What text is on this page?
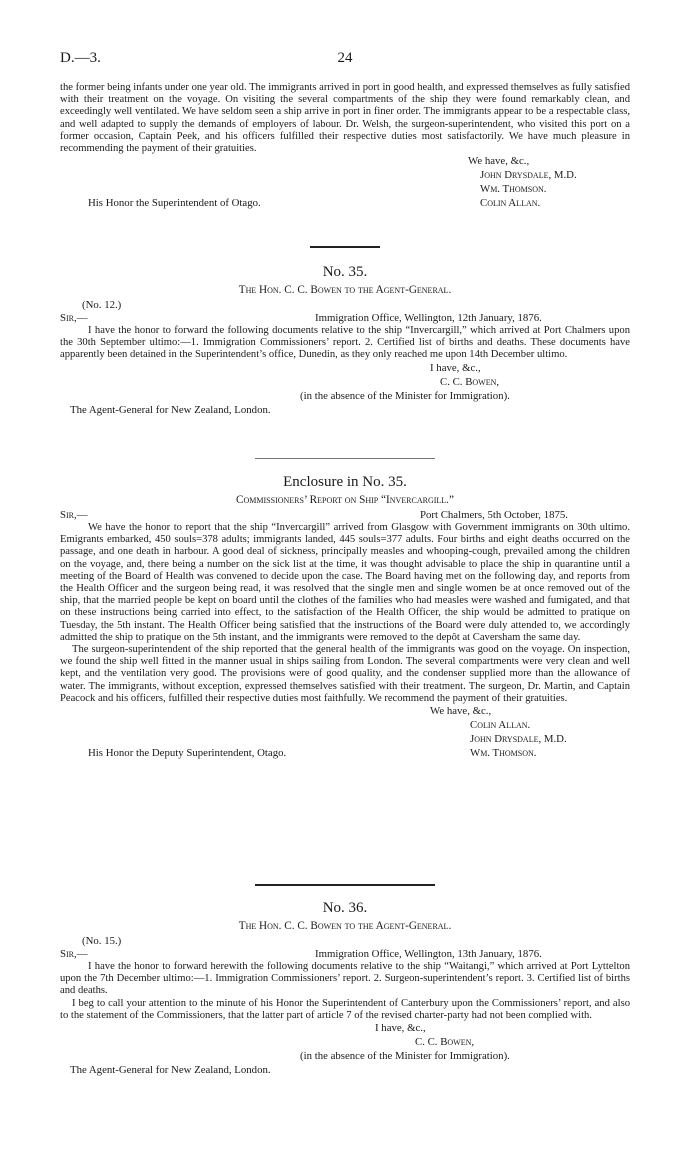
D.—3.	24

the former being infants under one year old. The immigrants arrived in port in good health, and expressed themselves as fully satisfied with their treatment on the voyage. On visiting the several compartments of the ship they were found remarkably clean, and exceedingly well ventilated. We have seldom seen a ship arrive in port in finer order. The immigrants appear to be a respectable class, and well adapted to supply the demands of employers of labour. Dr. Welsh, the surgeon-superintendent, who visited this port on a former occasion, Captain Peek, and his officers fulfilled their respective duties most satisfactorily. We have much pleasure in recommending the payment of their gratuities.

We have, &c.,
John Drysdale, M.D.
Wm. Thomson.
His Honor the Superintendent of Otago.	Colin Allan.

No. 35.

The Hon. C. C. Bowen to the Agent-General.

(No. 12.)
Sir,—	Immigration Office, Wellington, 12th January, 1876.

I have the honor to forward the following documents relative to the ship “Invercargill,” which arrived at Port Chalmers upon the 30th September ultimo:—1. Immigration Commissioners’ report. 2. Certified list of births and deaths. These documents have apparently been detained in the Superintendent’s office, Dunedin, as they only reached me upon 14th December ultimo.

I have, &c.,
C. C. Bowen,
(in the absence of the Minister for Immigration).
The Agent-General for New Zealand, London.

Enclosure in No. 35.

Commissioners’ Report on Ship “Invercargill.”

Sir,—	Port Chalmers, 5th October, 1875.

We have the honor to report that the ship “Invercargill” arrived from Glasgow with Government immigrants on 30th ultimo. Emigrants embarked, 450 souls=378 adults; immigrants landed, 445 souls=377 adults. Four births and eight deaths occurred on the passage, and one death in harbour. A good deal of sickness, principally measles and whooping-cough, prevailed among the children on the voyage, and, there being a number on the sick list at the time, it was thought advisable to place the ship in quarantine until a meeting of the Board of Health was convened to decide upon the case. The Board having met on the following day, and reports from the Health Officer and the surgeon being read, it was resolved that the single men and single women be at once removed out of the ship, that the married people be kept on board until the clothes of the families who had measles were washed and fumigated, and that on these instructions being carried into effect, to the satisfaction of the Health Officer, the ship would be admitted to pratique on Tuesday, the 5th instant. The Health Officer being satisfied that the instructions of the Board were duly attended to, we accordingly admitted the ship to pratique on the 5th instant, and the immigrants were removed to the depôt at Caversham the same day.

The surgeon-superintendent of the ship reported that the general health of the immigrants was good on the voyage. On inspection, we found the ship well fitted in the manner usual in ships sailing from London. The several compartments were very clean and well kept, and the ventilation very good. The provisions were of good quality, and the condenser supplied more than the allowance of water. The immigrants, without exception, expressed themselves satisfied with their treatment. The surgeon, Dr. Martin, and Captain Peacock and his officers, fulfilled their respective duties most faithfully. We recommend the payment of their gratuities.

We have, &c.,
Colin Allan.
John Drysdale, M.D.
His Honor the Deputy Superintendent, Otago.	Wm. Thomson.

No. 36.

The Hon. C. C. Bowen to the Agent-General.

(No. 15.)
Sir,—	Immigration Office, Wellington, 13th January, 1876.

I have the honor to forward herewith the following documents relative to the ship “Waitangi,” which arrived at Port Lyttelton upon the 7th December ultimo:—1. Immigration Commissioners’ report. 2. Surgeon-superintendent’s report. 3. Certified list of births and deaths.

I beg to call your attention to the minute of his Honor the Superintendent of Canterbury upon the Commissioners’ report, and also to the statement of the Commissioners, that the latter part of article 7 of the revised charter-party had not been complied with.

I have, &c.,
C. C. Bowen,
(in the absence of the Minister for Immigration).
The Agent-General for New Zealand, London.
